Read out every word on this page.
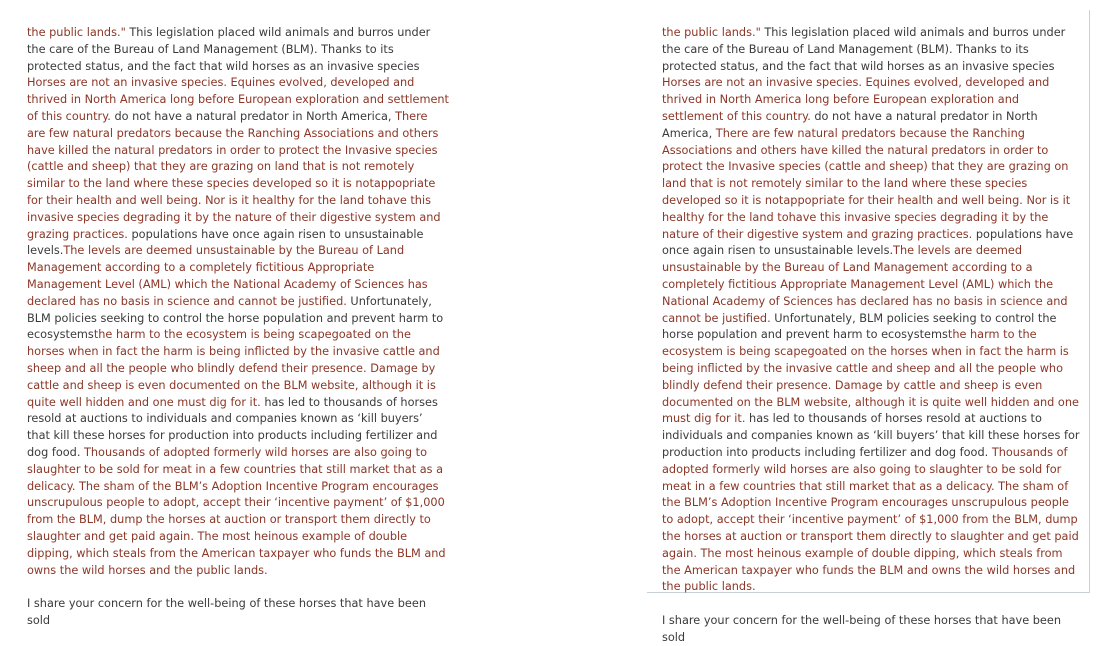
the public lands." This legislation placed wild animals and burros under the care of the Bureau of Land Management (BLM). Thanks to its protected status, and the fact that wild horses as an invasive species Horses are not an invasive species. Equines evolved, developed and thrived in North America long before European exploration and settlement of this country. do not have a natural predator in North America, There are few natural predators because the Ranching Associations and others have killed the natural predators in order to protect the Invasive species (cattle and sheep) that they are grazing on land that is not remotely similar to the land where these species developed so it is notappopriate for their health and well being. Nor is it healthy for the land tohave this invasive species degrading it by the nature of their digestive system and grazing practices. populations have once again risen to unsustainable levels.The levels are deemed unsustainable by the Bureau of Land Management according to a completely fictitious Appropriate Management Level (AML) which the National Academy of Sciences has declared has no basis in science and cannot be justified. Unfortunately, BLM policies seeking to control the horse population and prevent harm to ecosystemsthe harm to the ecosystem is being scapegoated on the horses when in fact the harm is being inflicted by the invasive cattle and sheep and all the people who blindly defend their presence. Damage by cattle and sheep is even documented on the BLM website, although it is quite well hidden and one must dig for it. has led to thousands of horses resold at auctions to individuals and companies known as ‘kill buyers’ that kill these horses for production into products including fertilizer and dog food. Thousands of adopted formerly wild horses are also going to slaughter to be sold for meat in a few countries that still market that as a delicacy. The sham of the BLM’s Adoption Incentive Program encourages unscrupulous people to adopt, accept their ‘incentive payment’ of $1,000 from the BLM, dump the horses at auction or transport them directly to slaughter and get paid again. The most heinous example of double dipping, which steals from the American taxpayer who funds the BLM and owns the wild horses and the public lands.

I share your concern for the well-being of these horses that have been sold

the public lands." This legislation placed wild animals and burros under the care of the Bureau of Land Management (BLM). Thanks to its protected status, and the fact that wild horses as an invasive species Horses are not an invasive species. Equines evolved, developed and thrived in North America long before European exploration and settlement of this country. do not have a natural predator in North America, There are few natural predators because the Ranching Associations and others have killed the natural predators in order to protect the Invasive species (cattle and sheep) that they are grazing on land that is not remotely similar to the land where these species developed so it is notappopriate for their health and well being. Nor is it healthy for the land tohave this invasive species degrading it by the nature of their digestive system and grazing practices. populations have once again risen to unsustainable levels.The levels are deemed unsustainable by the Bureau of Land Management according to a completely fictitious Appropriate Management Level (AML) which the National Academy of Sciences has declared has no basis in science and cannot be justified. Unfortunately, BLM policies seeking to control the horse population and prevent harm to ecosystemsthe harm to the ecosystem is being scapegoated on the horses when in fact the harm is being inflicted by the invasive cattle and sheep and all the people who blindly defend their presence. Damage by cattle and sheep is even documented on the BLM website, although it is quite well hidden and one must dig for it. has led to thousands of horses resold at auctions to individuals and companies known as ‘kill buyers’ that kill these horses for production into products including fertilizer and dog food. Thousands of adopted formerly wild horses are also going to slaughter to be sold for meat in a few countries that still market that as a delicacy. The sham of the BLM’s Adoption Incentive Program encourages unscrupulous people to adopt, accept their ‘incentive payment’ of $1,000 from the BLM, dump the horses at auction or transport them directly to slaughter and get paid again. The most heinous example of double dipping, which steals from the American taxpayer who funds the BLM and owns the wild horses and the public lands.

I share your concern for the well-being of these horses that have been sold
